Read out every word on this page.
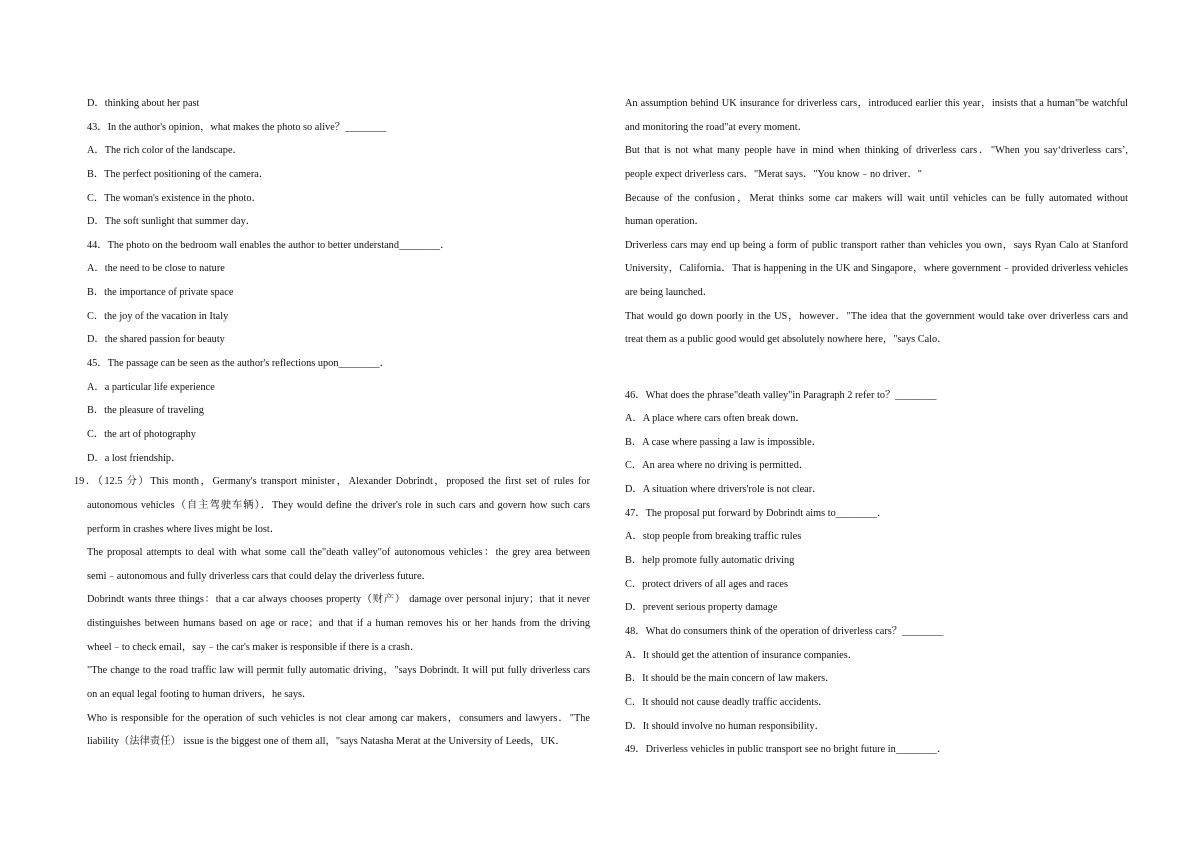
D．thinking about her past
43．In the author's opinion，what makes the photo so alive？________
A．The rich color of the landscape．
B．The perfect positioning of the camera．
C．The woman's existence in the photo．
D．The soft sunlight that summer day．
44．The photo on the bedroom wall enables the author to better understand________．
A．the need to be close to nature
B．the importance of private space
C．the joy of the vacation in Italy
D．the shared passion for beauty
45．The passage can be seen as the author's reflections upon________．
A．a particular life experience
B．the pleasure of traveling
C．the art of photography
D．a lost friendship．
19．（12.5 分）This month，Germany's transport minister，Alexander Dobrindt，proposed the first set of rules for
autonomous vehicles（自主驾驶车辆）．They would define the driver's role in such cars and govern how such cars
perform in crashes where lives might be lost．
The proposal attempts to deal with what some call the"death valley"of autonomous vehicles：the grey area between
semi﹣autonomous and fully driverless cars that could delay the driverless future．
Dobrindt wants three things：that a car always chooses property（财产） damage over personal injury；that it never
distinguishes between humans based on age or race；and that if a human removes his or her hands from the driving
wheel﹣to check email，say﹣the car's maker is responsible if there is a crash．
"The change to the road traffic law will permit fully automatic driving，"says Dobrindt. It will put fully driverless cars
on an equal legal footing to human drivers，he says．
Who is responsible for the operation of such vehicles is not clear among car makers，consumers and lawyers．"The
liability（法律责任） issue is the biggest one of them all，"says Natasha Merat at the University of Leeds，UK．
An assumption behind UK insurance for driverless cars，introduced earlier this year，insists that a human"be watchful
and monitoring the road"at every moment．
But that is not what many people have in mind when thinking of driverless cars．"When you say‘driverless cars’,
people expect driverless cars．"Merat says．"You know﹣no driver．"
Because of the confusion，Merat thinks some car makers will wait until vehicles can be fully automated without
human operation．
Driverless cars may end up being a form of public transport rather than vehicles you own，says Ryan Calo at Stanford
University，California．That is happening in the UK and Singapore，where government﹣provided driverless vehicles
are being launched．
That would go down poorly in the US，however．"The idea that the government would take over driverless cars and
treat them as a public good would get absolutely nowhere here，"says Calo．
46．What does the phrase"death valley"in Paragraph 2 refer to？________
A．A place where cars often break down．
B．A case where passing a law is impossible．
C．An area where no driving is permitted．
D．A situation where drivers'role is not clear．
47．The proposal put forward by Dobrindt aims to________．
A．stop people from breaking traffic rules
B．help promote fully automatic driving
C．protect drivers of all ages and races
D．prevent serious property damage
48．What do consumers think of the operation of driverless cars？________
A．It should get the attention of insurance companies．
B．It should be the main concern of law makers．
C．It should not cause deadly traffic accidents．
D．It should involve no human responsibility．
49．Driverless vehicles in public transport see no bright future in________．
